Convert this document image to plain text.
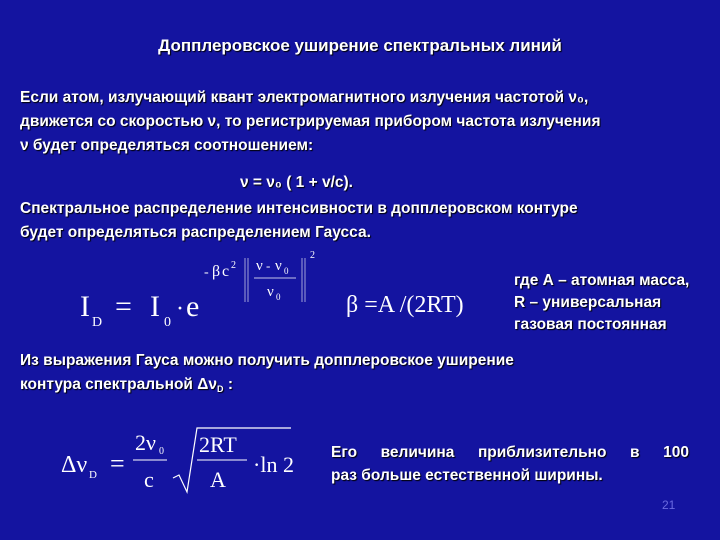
Допплеровское уширение спектральных линий
Если атом, излучающий квант электромагнитного излучения частотой ν₀,
движется со скоростью ν, то регистрируемая прибором частота излучения
ν будет определяться соотношением:
ν = ν₀ ( 1 + v/c).
Спектральное распределение интенсивности в допплеровском контуре
будет определяться распределением Гаусса.
I D = I 0
· e
- β c 2 ν - ν 0
ν 0
2
β =A /(2RT)
где А – атомная масса,
R – универсальная
газовая постоянная
Из выражения Гауса можно получить допплеровское уширение
контура спектральной $\Delta\nu_D$ :
Δν D =
2ν 0
c
2RT
A
·ln 2 Его величина приблизительно в 100
раз больше естественной ширины.
21
